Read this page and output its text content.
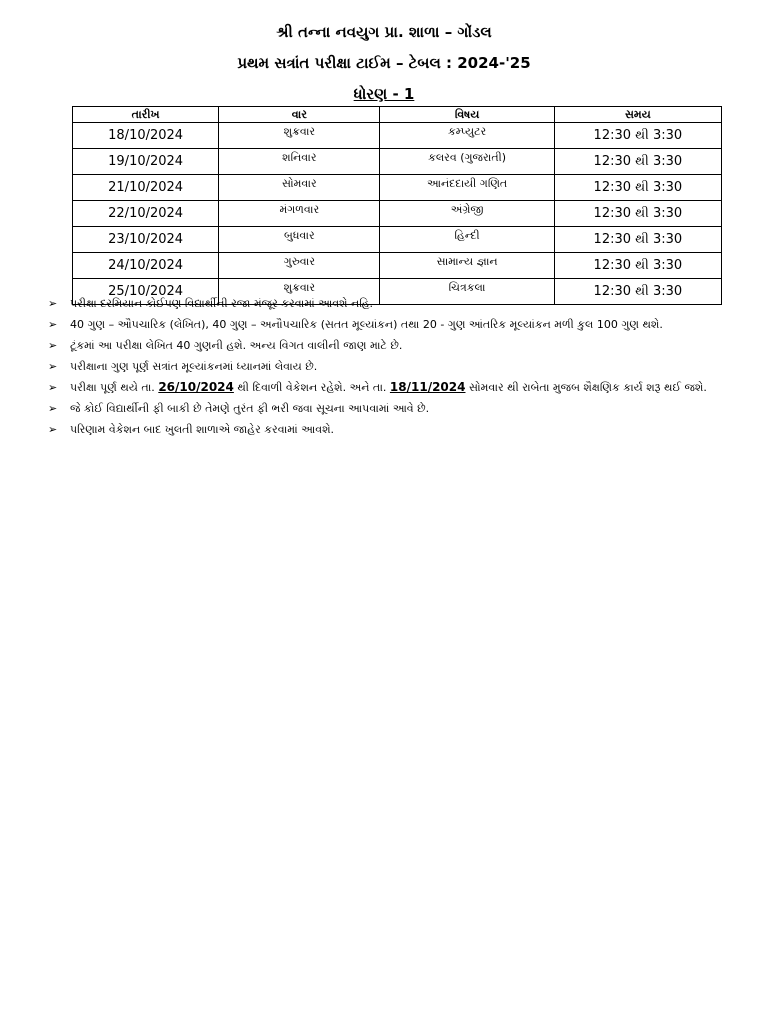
શ્રી તન્ના નવયુગ પ્રા. શાળા – ગોંડલ
પ્રથમ સત્રાંત પરીક્ષા ટાઈમ – ટેબલ : 2024-'25
ધોરણ - 1
તારીખ	વાર	વિષય	સમય
18/10/2024	શુક્રવાર	કમ્પ્યુટર	12:30 થી 3:30
19/10/2024	શનિવાર	કલરવ (ગુજરાતી)	12:30 થી 3:30
21/10/2024	સોમવાર	આનંદદાયી ગણિત	12:30 થી 3:30
22/10/2024	મંગળવાર	અંગ્રેજી	12:30 થી 3:30
23/10/2024	બુધવાર	હિન્દી	12:30 થી 3:30
24/10/2024	ગુરુવાર	સામાન્ય જ્ઞાન	12:30 થી 3:30
25/10/2024	શુક્રવાર	ચિત્રકલા	12:30 થી 3:30
➢ પરીક્ષા દરમિયાન કોઈપણ વિદ્યાર્થીની રજા મંજૂર કરવામાં આવશે નહિ.
➢ 40 ગુણ – ઔપચારિક (લેખિત), 40 ગુણ – અનૌપચારિક (સતત મૂલ્યાંકન) તથા 20 - ગુણ આંતરિક મૂલ્યાંકન મળી કુલ 100 ગુણ થશે.
➢ ટૂંકમાં આ પરીક્ષા લેખિત 40 ગુણની હશે. અન્ય વિગત વાલીની જાણ માટે છે.
➢ પરીક્ષાના ગુણ પૂર્ણ સત્રાંત મૂલ્યાંકનમાં ધ્યાનમાં લેવાય છે.
➢ પરીક્ષા પૂર્ણ થયે તા. 26/10/2024 થી દિવાળી વેકેશન રહેશે. અને તા. 18/11/2024 સોમવાર થી રાબેતા મુજબ શૈક્ષણિક કાર્ય શરૂ થઈ જશે.
➢ જે કોઈ વિદ્યાર્થીની ફી બાકી છે તેમણે તુરંત ફી ભરી જવા સૂચના આપવામાં આવે છે.
➢ પરિણામ વેકેશન બાદ ખુલતી શાળાએ જાહેર કરવામાં આવશે.
